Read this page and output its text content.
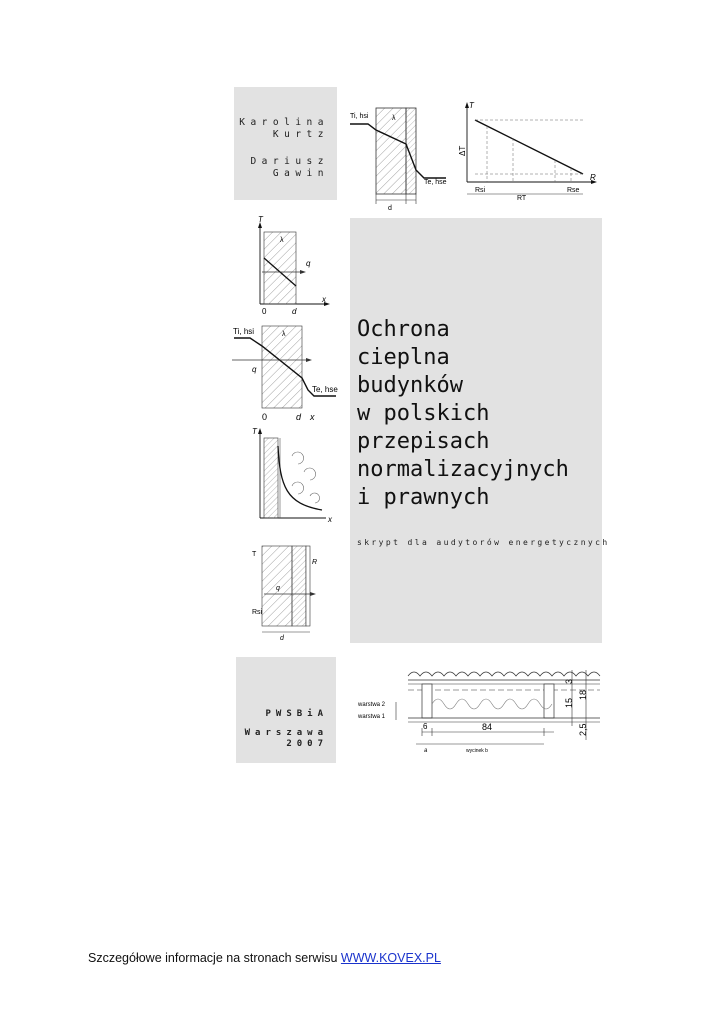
Karolina
Kurtz
Dariusz
Gawin
Ti, hsi	λ
Te, hse
d
T
R
ΔT
Rsi	Rse
RT
T
q
λ
x
0	d
Ti, hsi
q
λ
Te, hse
0	d x
T
x
T
q
Rsi
R
d
Ochrona
cieplna
budynków
w polskich
przepisach
normalizacyjnych
i prawnych
skrypt dla audytorów energetycznych
PWSBiA
Warszawa
2007
warstwa 2
warstwa 1
6	84
a	wycinek b
3
15
18
2,5
Szczegółowe informacje na stronach serwisu WWW.KOVEX.PL
